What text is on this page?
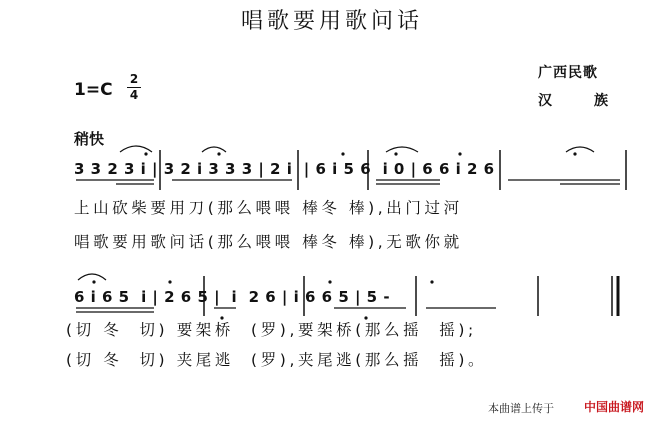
唱歌要用歌问话
1=C
2
4
广西民歌
汉	族
稍快
3 3 2 3 i | 3 2 i 3 3 3 | 2 i  | 6 i 5 6  i 0 | 6 6 i 2 6
上山砍柴要用刀(那么喂喂 棒冬 棒),出门过河
唱歌要用歌问话(那么喂喂 棒冬 棒),无歌你就
6 i 6 5  i | 2 6 5 |  i  2 6 | i 6 6 5 | 5 -
(切 冬  切) 要架桥  (罗),要架桥(那么摇  摇);
(切 冬  切) 夹尾逃  (罗),夹尾逃(那么摇  摇)。
本曲谱上传于	中国曲谱网
